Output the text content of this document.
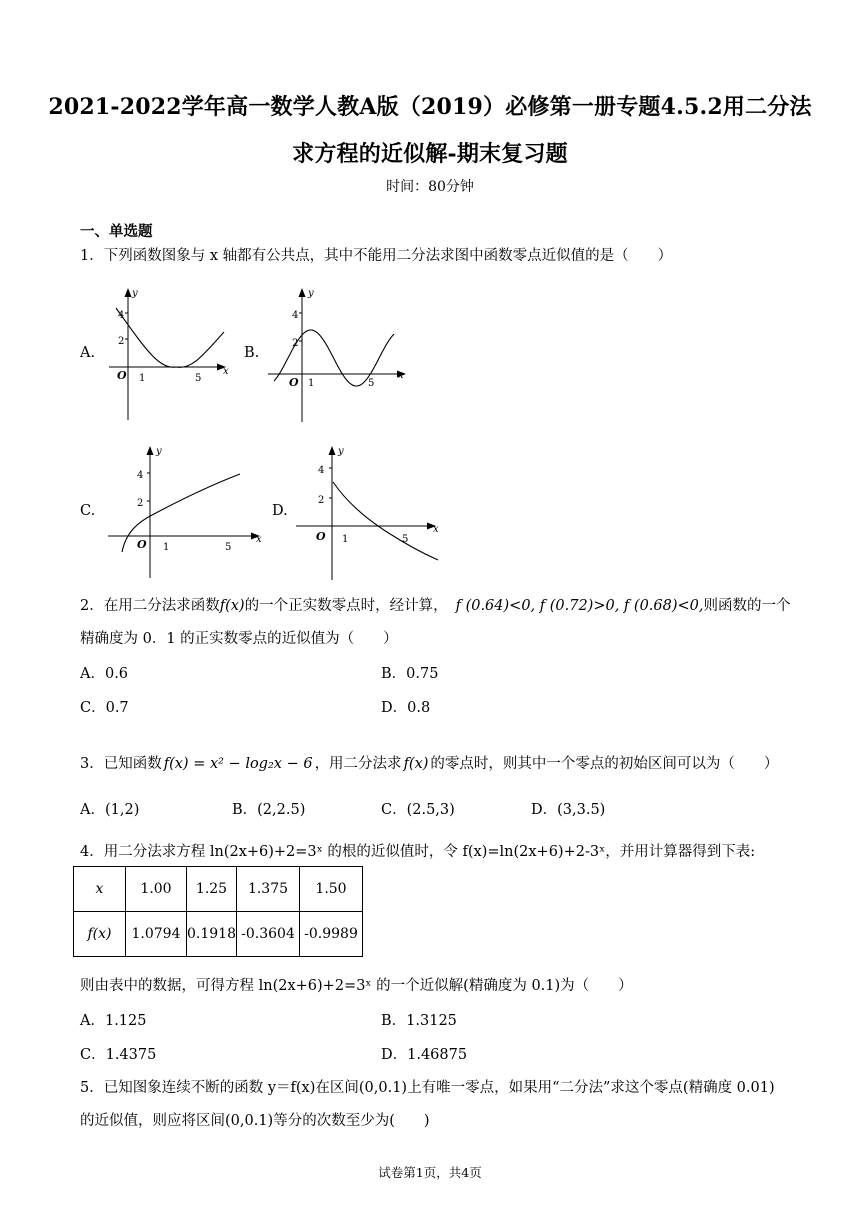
2021-2022学年高一数学人教A版（2019）必修第一册专题4.5.2用二分法
求方程的近似解-期末复习题
时间：80分钟
一、单选题
1．下列函数图象与 x 轴都有公共点，其中不能用二分法求图中函数零点近似值的是（　　）
A.
y
x
O 1	5
2
4
B.
y
x
O 1	5
2
4
C.
y
x
O 1	5
2
4
D.
y
x
O 1	5
2
4
2．在用二分法求函数f(x)的一个正实数零点时，经计算， f (0.64)<0, f (0.72)>0, f (0.68)<0,则函数的一个
精确度为 0．1 的正实数零点的近似值为（　　）
A．0.6	B．0.75
C．0.7	D．0.8
3．已知函数 f(x) = x² − log₂x − 6 ，用二分法求 f(x) 的零点时，则其中一个零点的初始区间可以为（　　）
A．(1,2)	B．(2,2.5)	C．(2.5,3)	D．(3,3.5)
4．用二分法求方程 ln(2x+6)+2=3ˣ 的根的近似值时，令 f(x)=ln(2x+6)+2-3ˣ，并用计算器得到下表:
x	1.00	1.25	1.375	1.50
f(x)	1.0794	0.1918	-0.3604	-0.9989
则由表中的数据，可得方程 ln(2x+6)+2=3ˣ 的一个近似解(精确度为 0.1)为（　　）
A．1.125	B．1.3125
C．1.4375	D．1.46875
5．已知图象连续不断的函数 y＝f(x)在区间(0,0.1)上有唯一零点，如果用“二分法”求这个零点(精确度 0.01)
的近似值，则应将区间(0,0.1)等分的次数至少为(　　)
试卷第1页，共4页
